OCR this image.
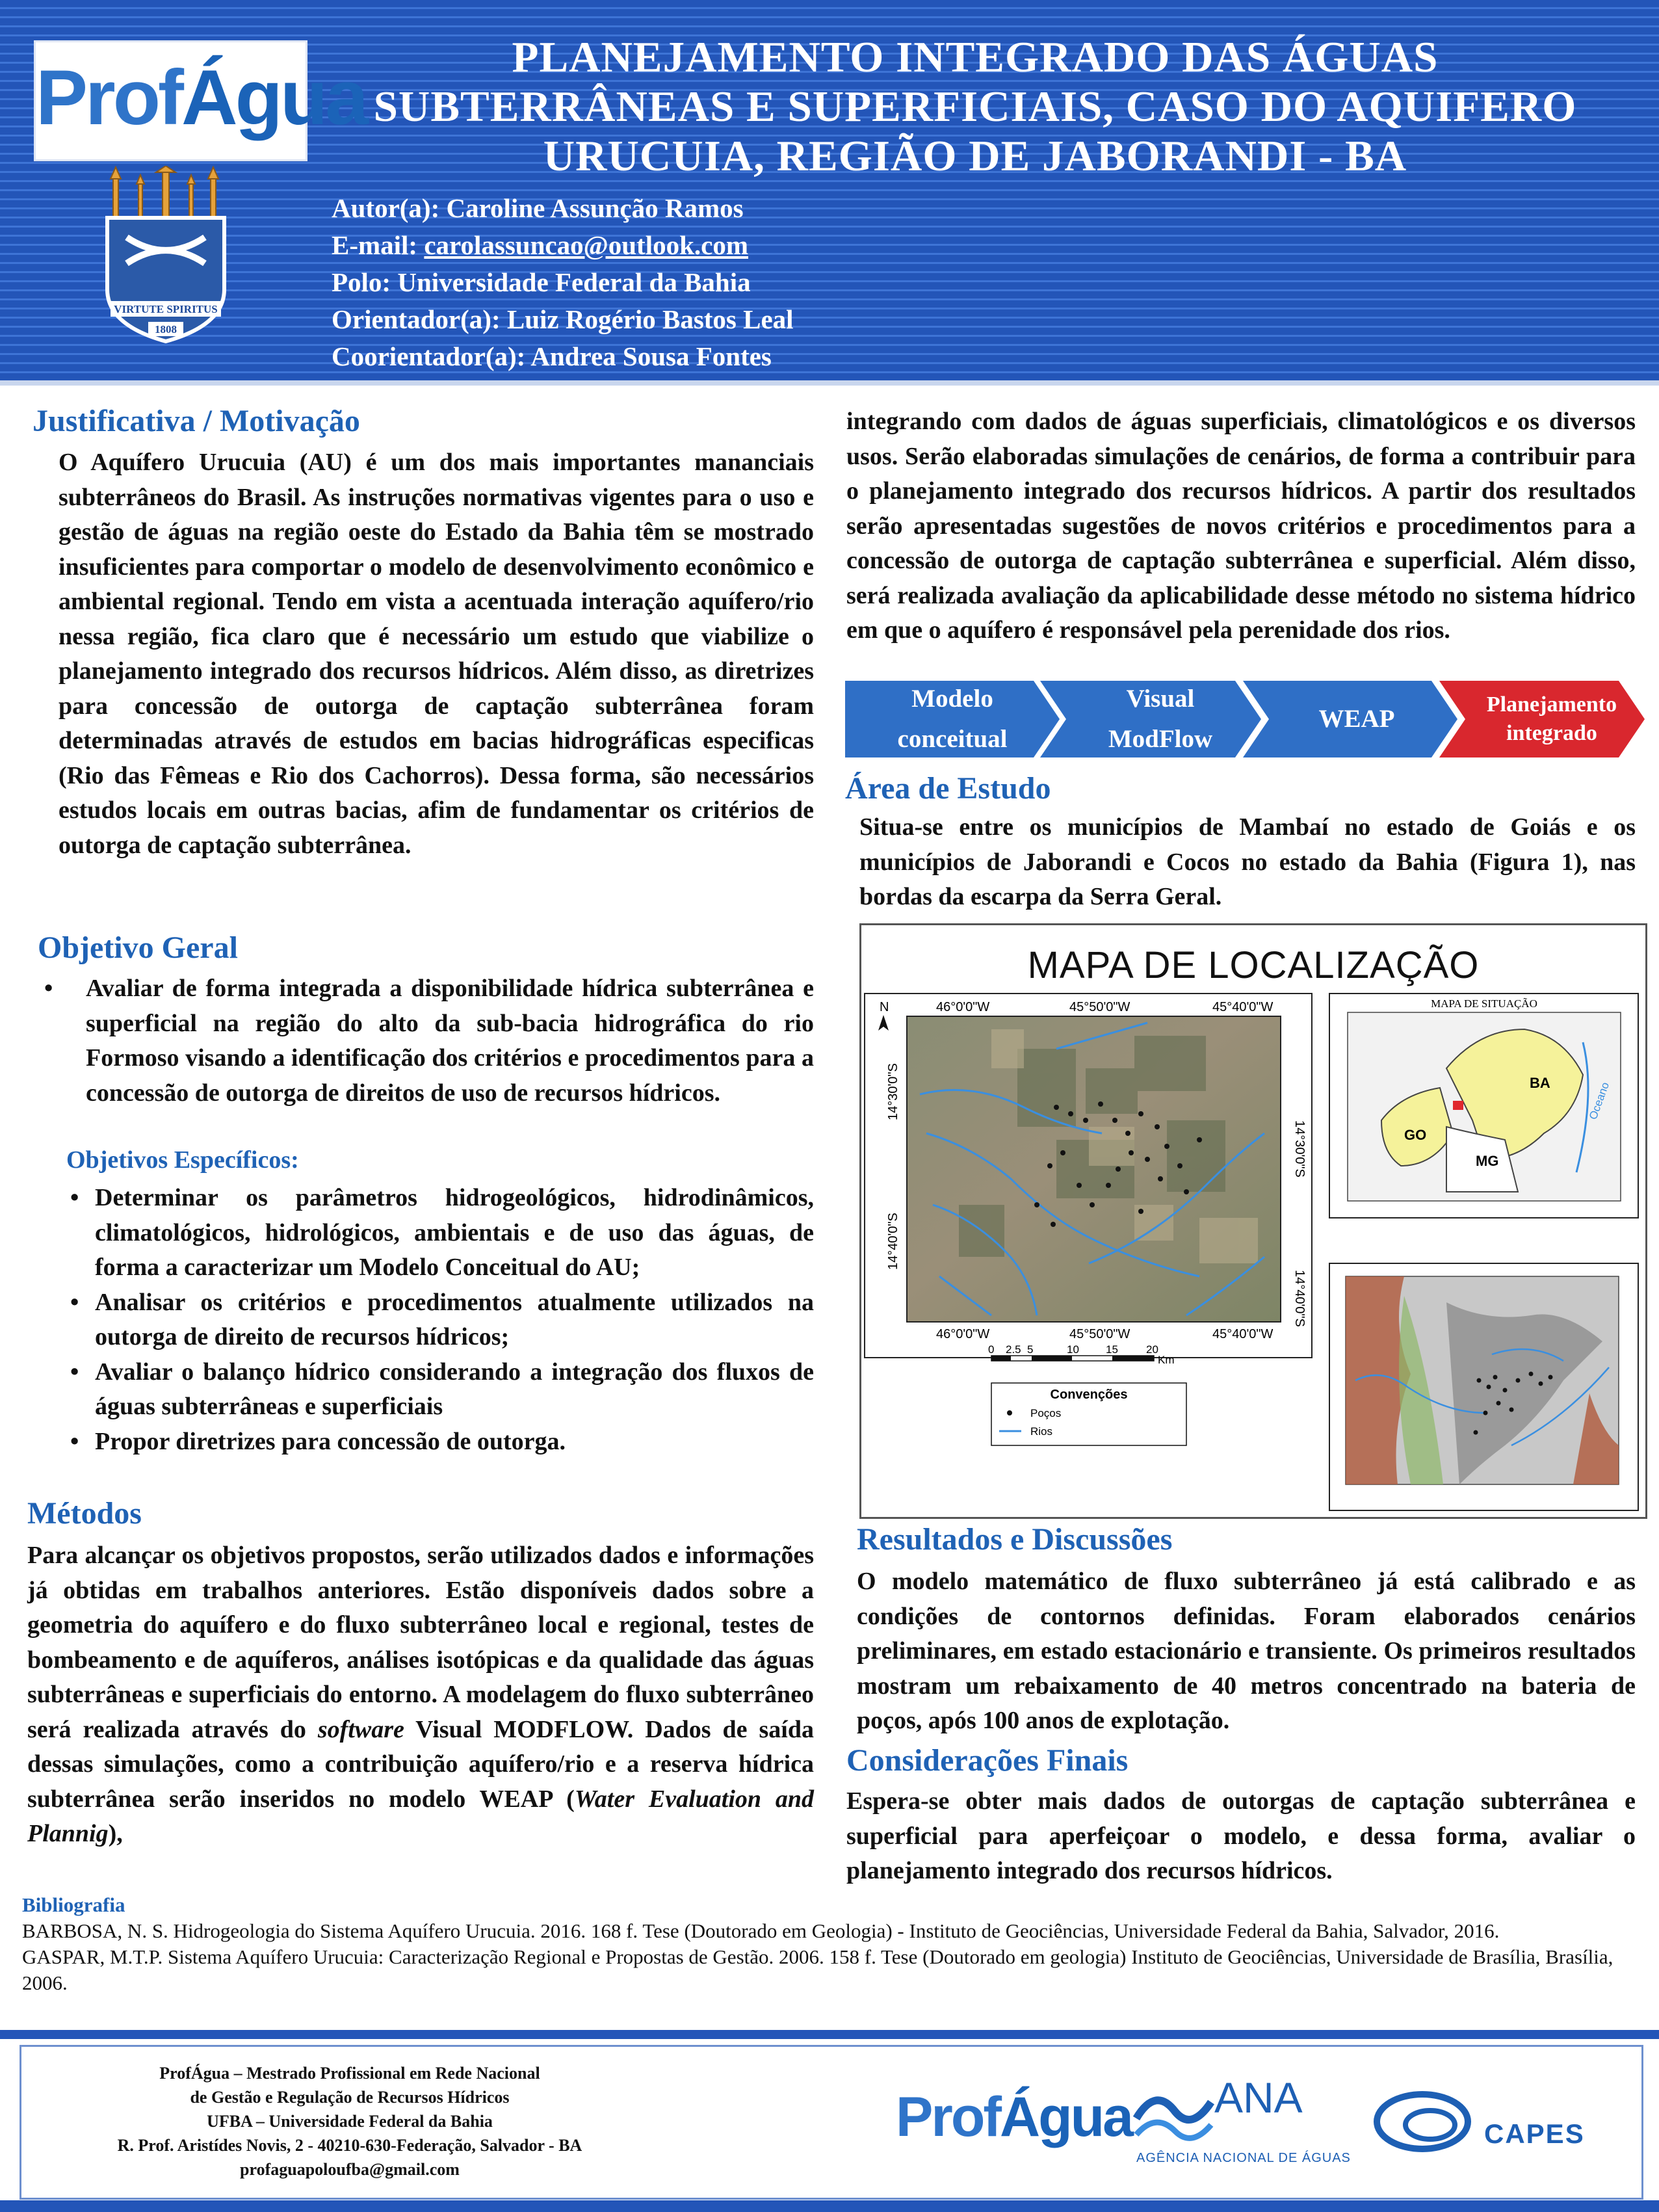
ProfÁgua
VIRTUTE SPIRITUS
1808
PLANEJAMENTO INTEGRADO DAS ÁGUAS
SUBTERRÂNEAS E SUPERFICIAIS, CASO DO AQUIFERO
URUCUIA, REGIÃO DE JABORANDI - BA
Autor(a): Caroline Assunção Ramos
E-mail: carolassuncao@outlook.com
Polo: Universidade Federal da Bahia
Orientador(a): Luiz Rogério Bastos Leal
Coorientador(a): Andrea Sousa Fontes
Justificativa / Motivação
O Aquífero Urucuia (AU) é um dos mais importantes mananciais subterrâneos do Brasil. As instruções normativas vigentes para o uso e gestão de águas na região oeste do Estado da Bahia têm se mostrado insuficientes para comportar o modelo de desenvolvimento econômico e ambiental regional. Tendo em vista a acentuada interação aquífero/rio nessa região, fica claro que é necessário um estudo que viabilize o planejamento integrado dos recursos hídricos. Além disso, as diretrizes para concessão de outorga de captação subterrânea foram determinadas através de estudos em bacias hidrográficas especificas (Rio das Fêmeas e Rio dos Cachorros). Dessa forma, são necessários estudos locais em outras bacias, afim de fundamentar os critérios de outorga de captação subterrânea.
Objetivo Geral
• Avaliar de forma integrada a disponibilidade hídrica subterrânea e superficial na região do alto da sub-bacia hidrográfica do rio Formoso visando a identificação dos critérios e procedimentos para a concessão de outorga de direitos de uso de recursos hídricos.
Objetivos Específicos:
• Determinar os parâmetros hidrogeológicos, hidrodinâmicos, climatológicos, hidrológicos, ambientais e de uso das águas, de forma a caracterizar um Modelo Conceitual do AU;
• Analisar os critérios e procedimentos atualmente utilizados na outorga de direito de recursos hídricos;
• Avaliar o balanço hídrico considerando a integração dos fluxos de águas subterrâneas e superficiais
• Propor diretrizes para concessão de outorga.
Métodos
Para alcançar os objetivos propostos, serão utilizados dados e informações já obtidas em trabalhos anteriores. Estão disponíveis dados sobre a geometria do aquífero e do fluxo subterrâneo local e regional, testes de bombeamento e de aquíferos, análises isotópicas e da qualidade das águas subterrâneas e superficiais do entorno. A modelagem do fluxo subterrâneo será realizada através do software Visual MODFLOW. Dados de saída dessas simulações, como a contribuição aquífero/rio e a reserva hídrica subterrânea serão inseridos no modelo WEAP (Water Evaluation and Plannig),
integrando com dados de águas superficiais, climatológicos e os diversos usos. Serão elaboradas simulações de cenários, de forma a contribuir para o planejamento integrado dos recursos hídricos. A partir dos resultados serão apresentadas sugestões de novos critérios e procedimentos para a concessão de outorga de captação subterrânea e superficial. Além disso, será realizada avaliação da aplicabilidade desse método no sistema hídrico em que o aquífero é responsável pela perenidade dos rios.
Modelo
conceitual
Visual
ModFlow
WEAP
Planejamento
integrado
Área de Estudo
Situa-se entre os municípios de Mambaí no estado de Goiás e os municípios de Jaborandi e Cocos no estado da Bahia (Figura 1), nas bordas da escarpa da Serra Geral.
MAPA DE LOCALIZAÇÃO
46°0'0"W	45°50'0"W	45°40'0"W
46°0'0"W	45°50'0"W	45°40'0"W
14°30'0"S
14°40'0"S
14°30'0"S
14°40'0"S
N
0 2.5 5	10 15	20
Km
Convenções
Poços
Rios
MAPA DE SITUAÇÃO
BA
GO
MG
Oceano
Resultados e Discussões
O modelo matemático de fluxo subterrâneo já está calibrado e as condições de contornos definidas. Foram elaborados cenários preliminares, em estado estacionário e transiente. Os primeiros resultados mostram um rebaixamento de 40 metros concentrado na bateria de poços, após 100 anos de explotação.
Considerações Finais
Espera-se obter mais dados de outorgas de captação subterrânea e superficial para aperfeiçoar o modelo, e dessa forma, avaliar o planejamento integrado dos recursos hídricos.
Bibliografia
BARBOSA, N. S. Hidrogeologia do Sistema Aquífero Urucuia. 2016. 168 f. Tese (Doutorado em Geologia) - Instituto de Geociências, Universidade Federal da Bahia, Salvador, 2016.
GASPAR, M.T.P. Sistema Aquífero Urucuia: Caracterização Regional e Propostas de Gestão. 2006. 158 f. Tese (Doutorado em geologia) Instituto de Geociências, Universidade de Brasília, Brasília, 2006.
ProfÁgua – Mestrado Profissional em Rede Nacional
de Gestão e Regulação de Recursos Hídricos
UFBA – Universidade Federal da Bahia
R. Prof. Aristídes Novis, 2 - 40210-630-Federação, Salvador - BA
profaguapoloufba@gmail.com
ProfÁgua ANA
AGÊNCIA NACIONAL DE ÁGUAS
CAPES
